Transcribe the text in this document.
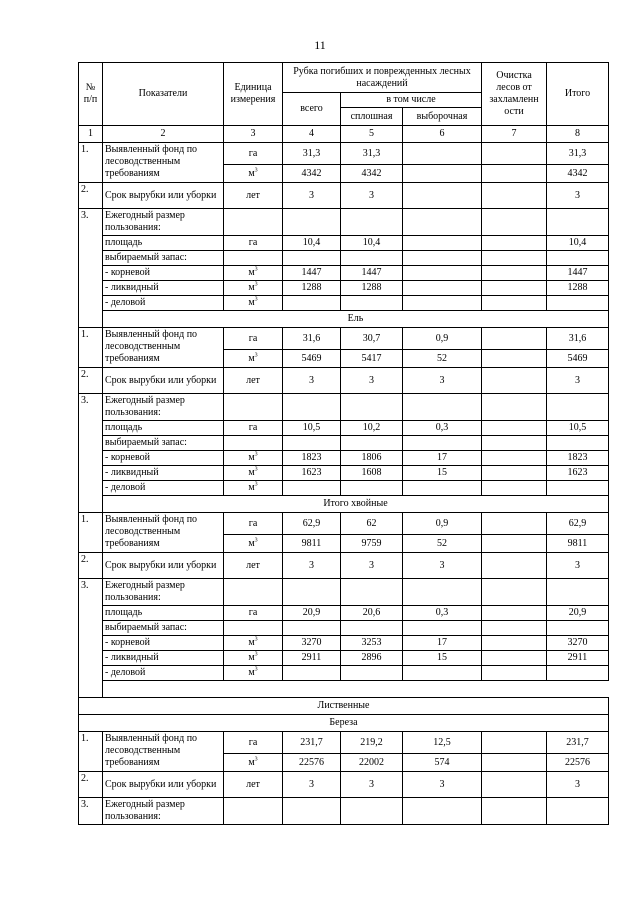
11
№ п/п	Показатели	Единица измерения	Рубка погибших и поврежденных лесных насаждений			Очистка лесов от захламленн ости	Итого
			всего	в том числе			
				сплошная	выборочная		
1	2	3	4	5	6	7	8
1.	Выявленный фонд по лесоводственным требованиям	га	31,3	31,3			31,3
		$м^3$	4342	4342			4342
2.	Срок вырубки или уборки	лет	3	3			3
3.	Ежегодный размер пользования:						
	площадь	га	10,4	10,4			10,4
	выбираемый запас:						
	- корневой	$м^3$	1447	1447			1447
	- ликвидный	$м^3$	1288	1288			1288
	- деловой	$м^3$					
	Ель						
1.	Выявленный фонд по лесоводственным требованиям	га	31,6	30,7	0,9		31,6
		$м^3$	5469	5417	52		5469
2.	Срок вырубки или уборки	лет	3	3	3		3
3.	Ежегодный размер пользования:						
	площадь	га	10,5	10,2	0,3		10,5
	выбираемый запас:						
	- корневой	$м^3$	1823	1806	17		1823
	- ликвидный	$м^3$	1623	1608	15		1623
	- деловой	$м^3$					
	Итого хвойные						
1.	Выявленный фонд по лесоводственным требованиям	га	62,9	62	0,9		62,9
		$м^3$	9811	9759	52		9811
2.	Срок вырубки или уборки	лет	3	3	3		3
3.	Ежегодный размер пользования:						
	площадь	га	20,9	20,6	0,3		20,9
	выбираемый запас:						
	- корневой	$м^3$	3270	3253	17		3270
	- ликвидный	$м^3$	2911	2896	15		2911
	- деловой	$м^3$					

Лиственные							
Береза							
1.	Выявленный фонд по лесоводственным требованиям	га	231,7	219,2	12,5		231,7
		$м^3$	22576	22002	574		22576
2.	Срок вырубки или уборки	лет	3	3	3		3
3.	Ежегодный размер пользования:						
